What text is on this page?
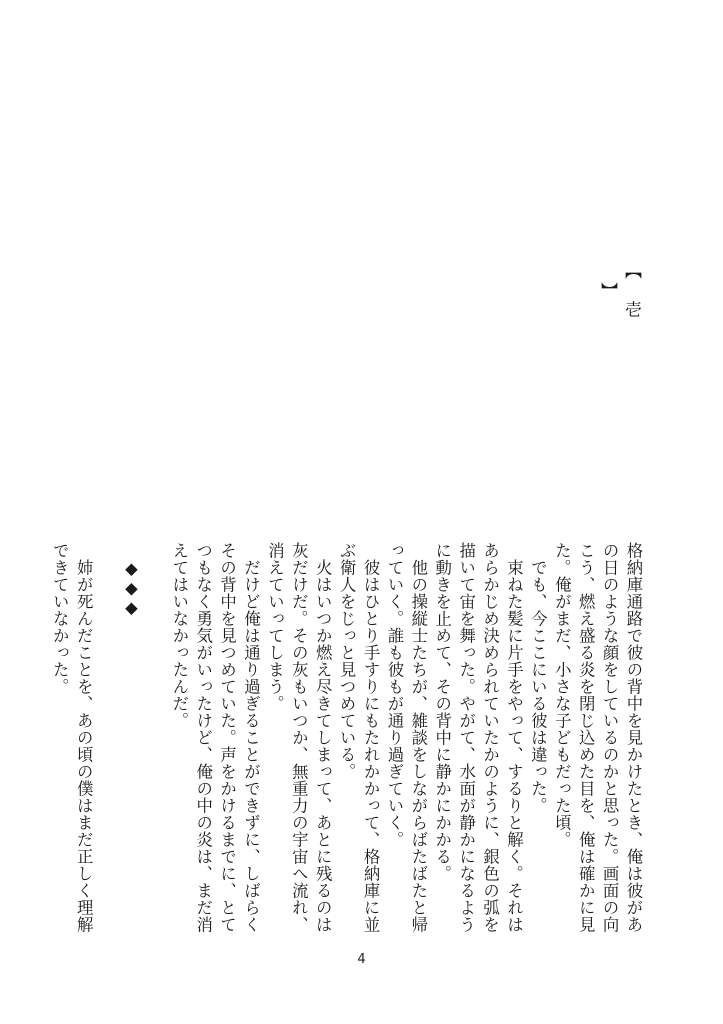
【 壱 】

格納庫通路で彼の背中を見かけたとき、俺は彼があの日のような顔をしているのかと思った。画面の向こう、燃え盛る炎を閉じ込めた目を、俺は確かに見た。俺がまだ、小さな子どもだった頃。

　でも、今ここにいる彼は違った。

　束ねた髪に片手をやって、するりと解く。それはあらかじめ決められていたかのように、銀色の弧を描いて宙を舞った。やがて、水面が静かになるように動きを止めて、その背中に静かにかかる。

　他の操縦士たちが、雑談をしながらばたばたと帰っていく。誰も彼もが通り過ぎていく。

　彼はひとり手すりにもたれかかって、格納庫に並ぶ衛人をじっと見つめている。

　火はいつか燃え尽きてしまって、あとに残るのは灰だけだ。その灰もいつか、無重力の宇宙へ流れ、消えていってしまう。

　だけど俺は通り過ぎることができずに、しばらくその背中を見つめていた。声をかけるまでに、とてつもなく勇気がいったけど、俺の中の炎は、まだ消えてはいなかったんだ。

　◆◆◆

　姉が死んだことを、あの頃の僕はまだ正しく理解できていなかった。

4
